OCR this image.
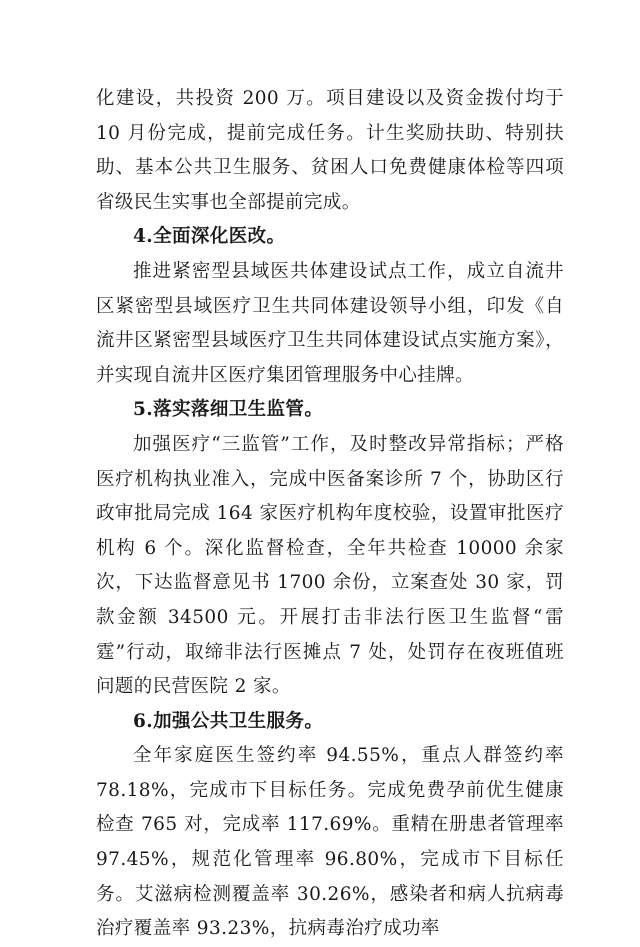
化建设，共投资 200 万。项目建设以及资金拨付均于 10 月份完成，提前完成任务。计生奖励扶助、特别扶助、基本公共卫生服务、贫困人口免费健康体检等四项省级民生实事也全部提前完成。

4.全面深化医改。

推进紧密型县域医共体建设试点工作，成立自流井区紧密型县域医疗卫生共同体建设领导小组，印发《自流井区紧密型县域医疗卫生共同体建设试点实施方案》，并实现自流井区医疗集团管理服务中心挂牌。

5.落实落细卫生监管。

加强医疗“三监管”工作，及时整改异常指标；严格医疗机构执业准入，完成中医备案诊所 7 个，协助区行政审批局完成 164 家医疗机构年度校验，设置审批医疗机构 6 个。深化监督检查，全年共检查 10000 余家次，下达监督意见书 1700 余份，立案查处 30 家，罚款金额 34500 元。开展打击非法行医卫生监督“雷霆”行动，取缔非法行医摊点 7 处，处罚存在夜班值班问题的民营医院 2 家。

6.加强公共卫生服务。

全年家庭医生签约率 94.55%，重点人群签约率 78.18%，完成市下目标任务。完成免费孕前优生健康检查 765 对，完成率 117.69%。重精在册患者管理率 97.45%，规范化管理率 96.80%，完成市下目标任务。艾滋病检测覆盖率 30.26%，感染者和病人抗病毒治疗覆盖率 93.23%，抗病毒治疗成功率
